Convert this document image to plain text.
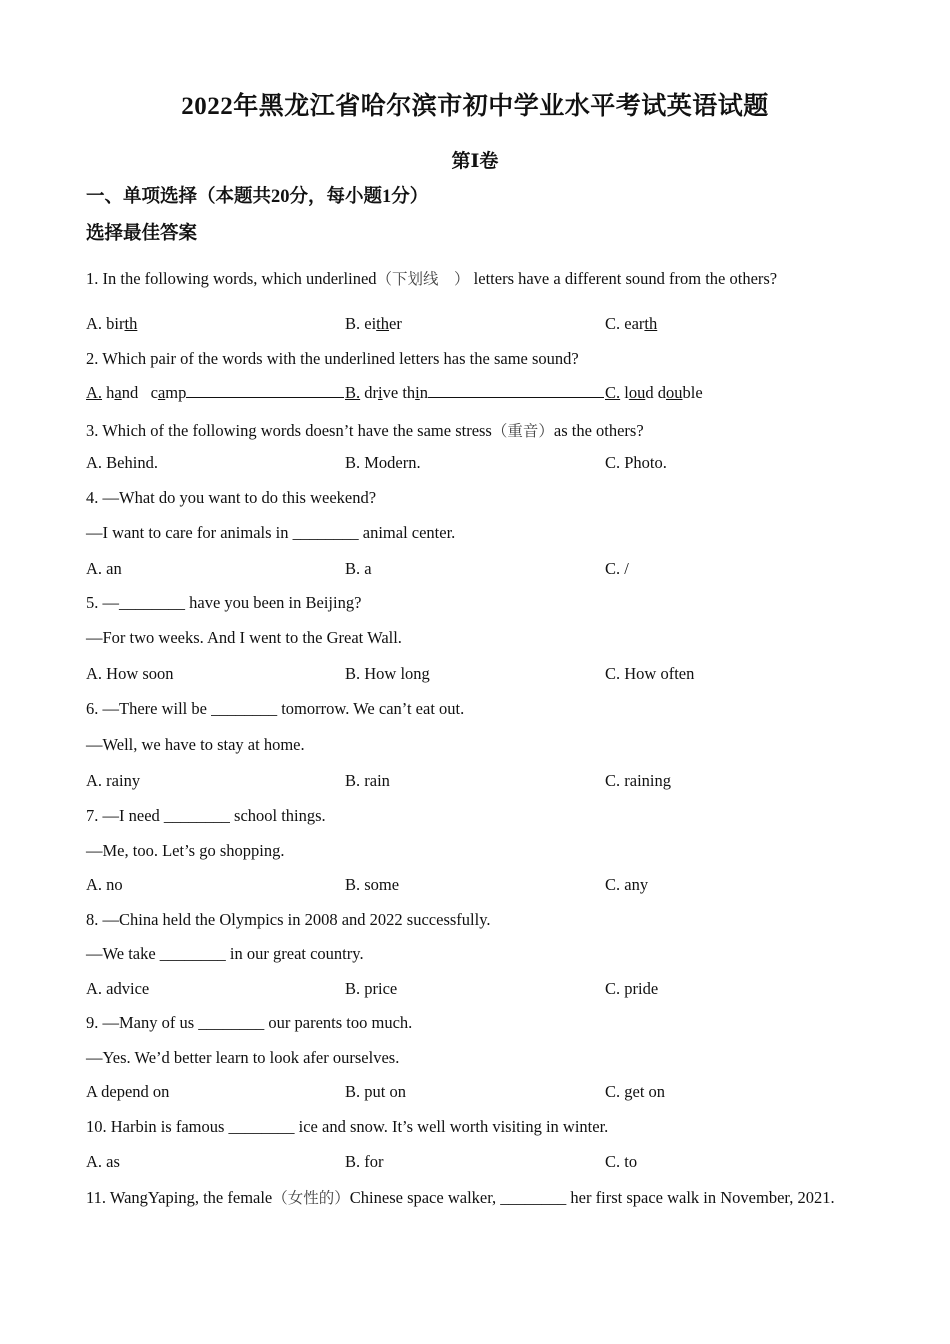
2022年黑龙江省哈尔滨市初中学业水平考试英语试题
第Ⅰ卷
一、单项选择（本题共20分，每小题1分）
选择最佳答案
1. In the following words, which underlined（下划线　） letters have a different sound from the others?
A. birth	B. either	C. earth
2. Which pair of the words with the underlined letters has the same sound?
A. hand camp	B. drive thin	C. loud double
3. Which of the following words doesn’t have the same stress（重音）as the others?
A. Behind.	B. Modern.	C. Photo.
4. —What do you want to do this weekend?
—I want to care for animals in ________ animal center.
A. an	B. a	C. /
5. —________ have you been in Beijing?
—For two weeks. And I went to the Great Wall.
A. How soon	B. How long	C. How often
6. —There will be ________ tomorrow. We can’t eat out.
—Well, we have to stay at home.
A. rainy	B. rain	C. raining
7. —I need ________ school things.
—Me, too. Let’s go shopping.
A. no	B. some	C. any
8. —China held the Olympics in 2008 and 2022 successfully.
—We take ________ in our great country.
A. advice	B. price	C. pride
9. —Many of us ________ our parents too much.
—Yes. We’d better learn to look afer ourselves.
A depend on	B. put on	C. get on
10. Harbin is famous ________ ice and snow. It’s well worth visiting in winter.
A. as	B. for	C. to
11. WangYaping, the female（女性的）Chinese space walker, ________ her first space walk in November, 2021.
